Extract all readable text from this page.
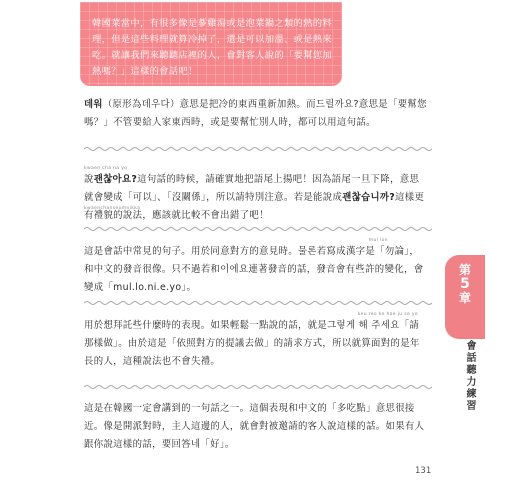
韓國菜當中，有很多像是蔘雞湯或是泡菜鍋之類的熱的料理，但是這些料理就算冷掉了，還是可以加溫、或是熱來吃。就讓我們來聽聽店裡的人，會對客人說的「要幫您加熱嗎？」這樣的會話吧！

데워（原形為데우다）意思是把冷的東西重新加熱。而드릴까요?意思是「要幫您嗎？」不管要給人家東西時，或是要幫忙別人時，都可以用這句話。

kwaen cha na yo

說괜찮아요?這句話的時候，請確實地把語尾上揚吧！因為語尾一旦下降，意思就會變成「可以」、「沒關係」，所以請特別注意。若是能說成괜찮습니까?這樣更有禮貌的說法，應該就比較不會出錯了吧！

kwaenchanseumnikka
mul lon

這是會話中常見的句子。用於同意對方的意見時。물론若寫成漢字是「勿論」，和中文的發音很像。只不過若和이에요連著發音的話，發音會有些許的變化，會變成「mul.lo.ni.e.yo」。

keu reo ke hae ju se yo

用於想拜託些什麼時的表現。如果輕鬆一點說的話，就是그렇게 해 주세요「請那樣做」。由於這是「依照對方的提議去做」的請求方式，所以就算面對的是年長的人，這種說法也不會失禮。

這是在韓國一定會講到的一句話之一。這個表現和中文的「多吃點」意思很接近。像是開派對時，主人這邊的人，就會對被邀請的客人說這樣的話。如果有人跟你說這樣的話，要回答네「好」。

第
5
章
會話聽力練習
131
